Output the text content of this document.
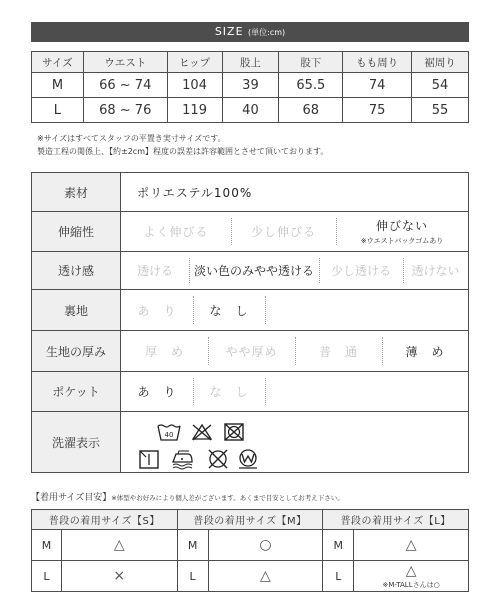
SIZE (単位:cm)
サイズ	ウエスト	ヒップ	股上	股下	もも周り	裾周り
M	66 ~ 74	104	39	65.5	74	54
L	68 ~ 76	119	40	68	75	55
※サイズはすべてスタッフの平置き実寸サイズです。
製造工程の関係上、【約±2cm】程度の誤差は許容範囲とさせて頂いております。
素材	ポリエステル100%
伸縮性	よく伸びる	少し伸びる	伸びない
※ウエストバックゴムあり
透け感	透ける 淡い色のみやや透ける 少し透ける 透けない
裏地	あ　り	な　し
生地の厚み	厚　め	やや厚め	普　通	薄　め
ポケット	あ　り	な　し
洗濯表示
40
【着用サイズ目安】※体型やお好みにより個人差がございます。あくまで目安としてお考え下さい。
普段の着用サイズ【S】		普段の着用サイズ【M】		普段の着用サイズ【L】	
M	△	M	○	M	△
L	×	L	△	L	△
※M-TALLさんは○
